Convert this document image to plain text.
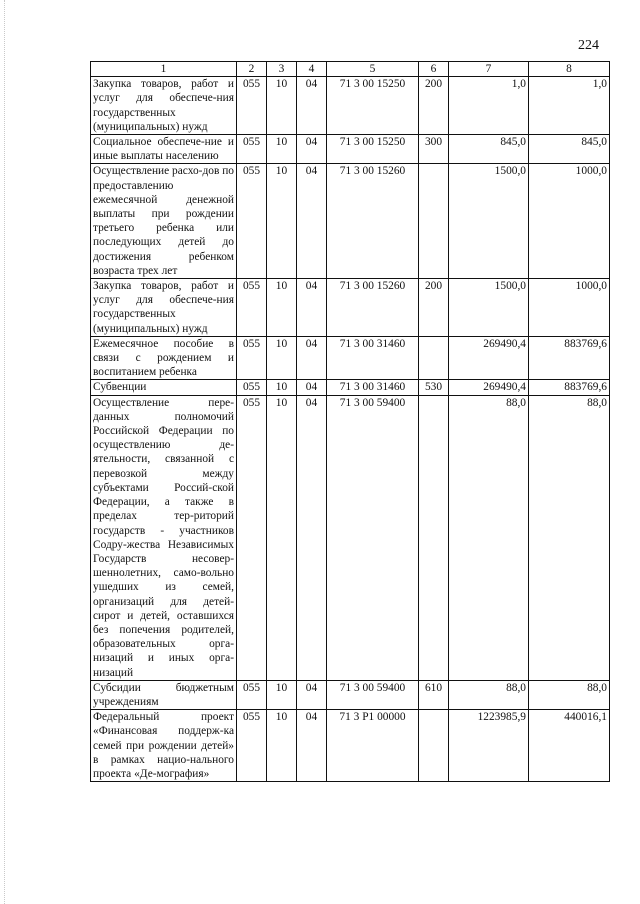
224
1	2	3	4	5	6	7	8
Закупка товаров, работ и услуг для обеспече-ния государственных (муниципальных) нужд	055	10	04	71 3 00 15250	200	1,0	1,0
Социальное обеспече-ние и иные выплаты населению	055	10	04	71 3 00 15250	300	845,0	845,0
Осуществление расхо-дов по предоставлению ежемесячной денежной выплаты при рождении третьего ребенка или последующих детей до достижения ребенком возраста трех лет	055	10	04	71 3 00 15260		1500,0	1000,0
Закупка товаров, работ и услуг для обеспече-ния государственных (муниципальных) нужд	055	10	04	71 3 00 15260	200	1500,0	1000,0
Ежемесячное пособие в связи с рождением и воспитанием ребенка	055	10	04	71 3 00 31460		269490,4	883769,6
Субвенции	055	10	04	71 3 00 31460	530	269490,4	883769,6
Осуществление пере-данных полномочий Российской Федерации по осуществлению де-ятельности, связанной с перевозкой между субъектами Россий-ской Федерации, а также в пределах тер-риторий государств - участников Содру-жества Независимых Государств несовер-шеннолетних, само-вольно ушедших из семей, организаций для детей-сирот и детей, оставшихся без попечения родителей, образовательных орга-низаций и иных орга-низаций	055	10	04	71 3 00 59400		88,0	88,0
Субсидии бюджетным учреждениям	055	10	04	71 3 00 59400	610	88,0	88,0
Федеральный проект «Финансовая поддерж-ка семей при рождении детей» в рамках нацио-нального проекта «Де-мография»	055	10	04	71 3 P1 00000		1223985,9	440016,1
